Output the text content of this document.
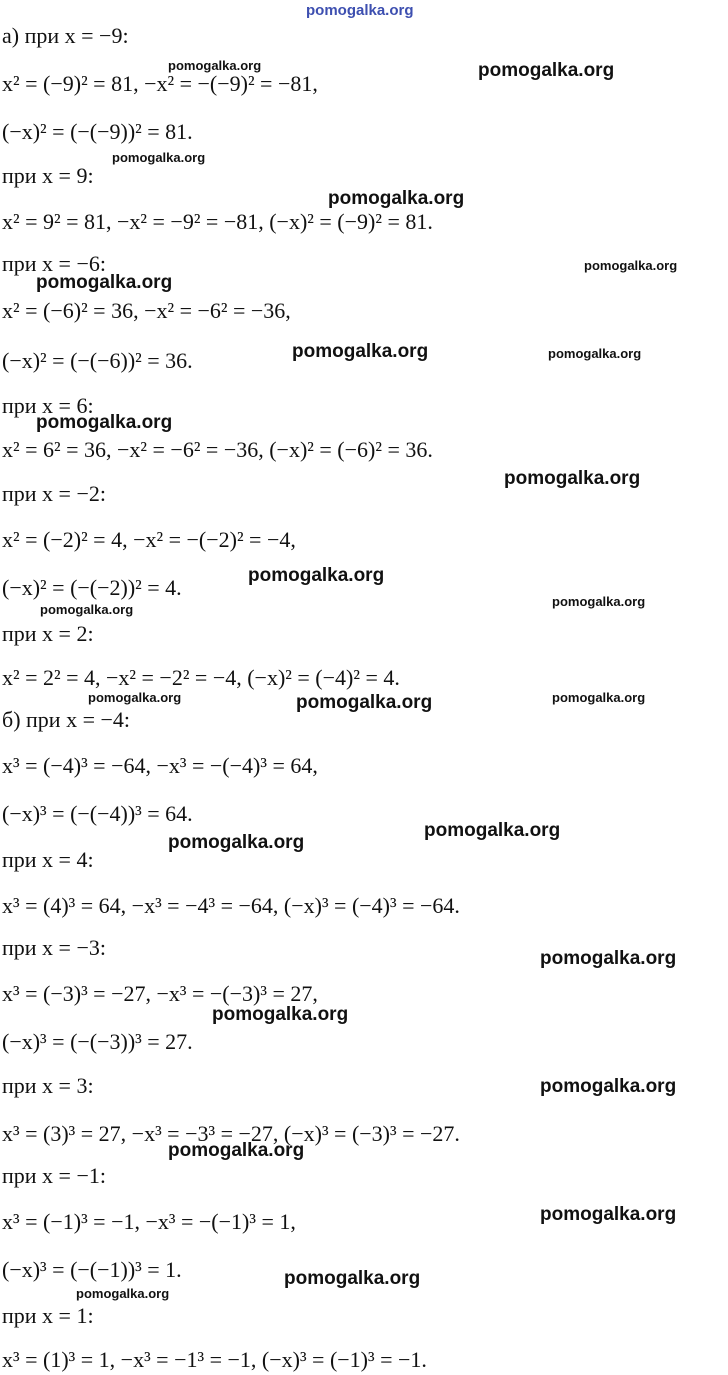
pomogalka.org
а) при x = −9:
x² = (−9)² = 81, −x² = −(−9)² = −81,
(−x)² = (−(−9))² = 81.
при x = 9:
x² = 9² = 81, −x² = −9² = −81, (−x)² = (−9)² = 81.
при x = −6:
x² = (−6)² = 36, −x² = −6² = −36,
(−x)² = (−(−6))² = 36.
при x = 6:
x² = 6² = 36, −x² = −6² = −36, (−x)² = (−6)² = 36.
при x = −2:
x² = (−2)² = 4, −x² = −(−2)² = −4,
(−x)² = (−(−2))² = 4.
при x = 2:
x² = 2² = 4, −x² = −2² = −4, (−x)² = (−4)² = 4.
б) при x = −4:
x³ = (−4)³ = −64, −x³ = −(−4)³ = 64,
(−x)³ = (−(−4))³ = 64.
при x = 4:
x³ = (4)³ = 64, −x³ = −4³ = −64, (−x)³ = (−4)³ = −64.
при x = −3:
x³ = (−3)³ = −27, −x³ = −(−3)³ = 27,
(−x)³ = (−(−3))³ = 27.
при x = 3:
x³ = (3)³ = 27, −x³ = −3³ = −27, (−x)³ = (−3)³ = −27.
при x = −1:
x³ = (−1)³ = −1, −x³ = −(−1)³ = 1,
(−x)³ = (−(−1))³ = 1.
при x = 1:
x³ = (1)³ = 1, −x³ = −1³ = −1, (−x)³ = (−1)³ = −1.
pomogalka.org	pomogalka.org
pomogalka.org
pomogalka.org
pomogalka.org
pomogalka.org
pomogalka.org	pomogalka.org
pomogalka.org
pomogalka.org
pomogalka.org
pomogalka.org
pomogalka.org
pomogalka.org	pomogalka.org	pomogalka.org
pomogalka.org
pomogalka.org
pomogalka.org
pomogalka.org
pomogalka.org
pomogalka.org
pomogalka.org
pomogalka.org
pomogalka.org
